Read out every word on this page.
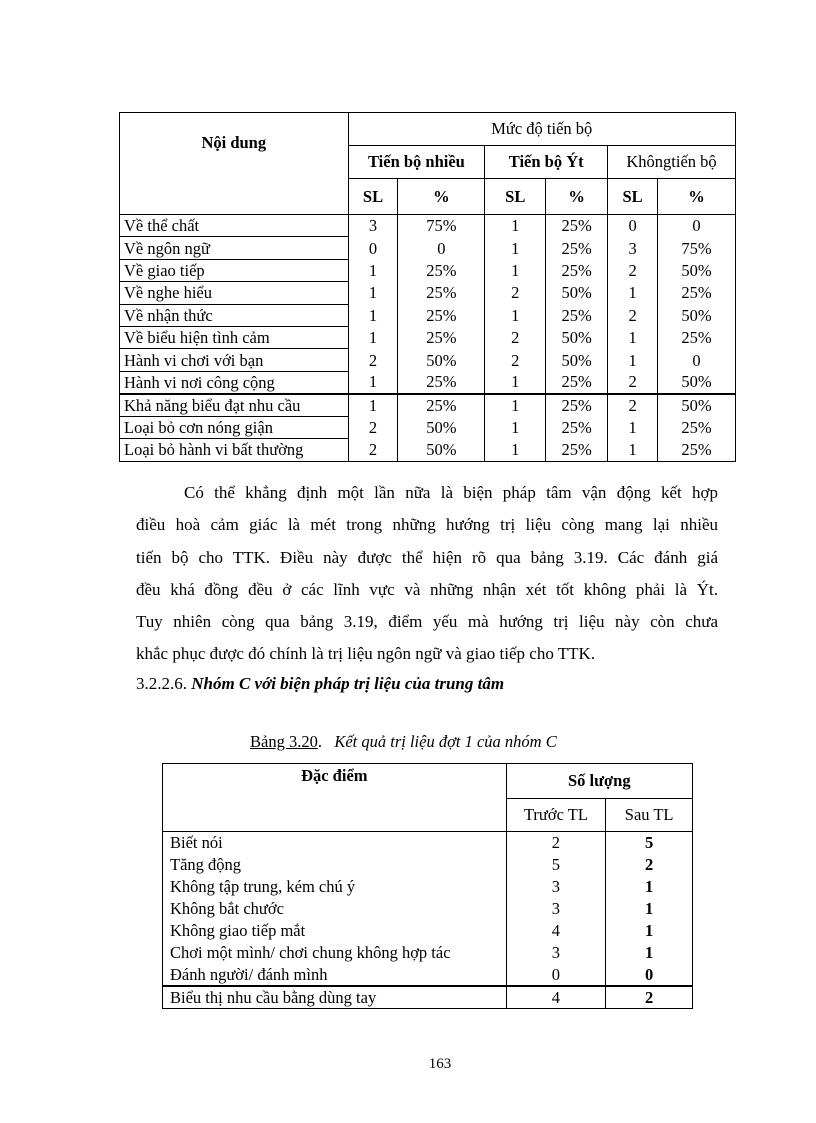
Nội dung	Mức độ tiến bộ					
	Tiến bộ nhiều		Tiến bộ Ýt		Khôngtiến bộ	
	SL	%	SL	%	SL	%
Về thể chất	3	75%	1	25%	0	0
Về ngôn ngữ	0	0	1	25%	3	75%
Về giao tiếp	1	25%	1	25%	2	50%
Về nghe hiểu	1	25%	2	50%	1	25%
Về nhận thức	1	25%	1	25%	2	50%
Về biểu hiện tình cảm	1	25%	2	50%	1	25%
Hành vi chơi với bạn	2	50%	2	50%	1	0
Hành vi nơi công cộng	1	25%	1	25%	2	50%
Khả năng biểu đạt nhu cầu	1	25%	1	25%	2	50%
Loại bỏ cơn nóng giận	2	50%	1	25%	1	25%
Loại bỏ hành vi bất thường	2	50%	1	25%	1	25%

Có thể khẳng định một lần nữa là biện pháp tâm vận động kết hợp
điều hoà cảm giác là mét trong những hướng trị liệu còng mang lại nhiều
tiến bộ cho TTK. Điều này được thể hiện rõ qua bảng 3.19. Các đánh giá
đều khá đồng đều ở các lĩnh vực và những nhận xét tốt không phải là Ýt.
Tuy nhiên còng qua bảng 3.19, điểm yếu mà hướng trị liệu này còn chưa
khắc phục được đó chính là trị liệu ngôn ngữ và giao tiếp cho TTK.

3.2.2.6. Nhóm C với biện pháp trị liệu của trung tâm

Bảng 3.20. Kết quả trị liệu đợt 1 của nhóm C

Đặc điểm	Số lượng	
	Trước TL	Sau TL
Biết nói	2	5
Tăng động	5	2
Không tập trung, kém chú ý	3	1
Không bắt chước	3	1
Không giao tiếp mắt	4	1
Chơi một mình/ chơi chung không hợp tác	3	1
Đánh người/ đánh mình	0	0
Biểu thị nhu cầu bằng dùng tay	4	2

163
